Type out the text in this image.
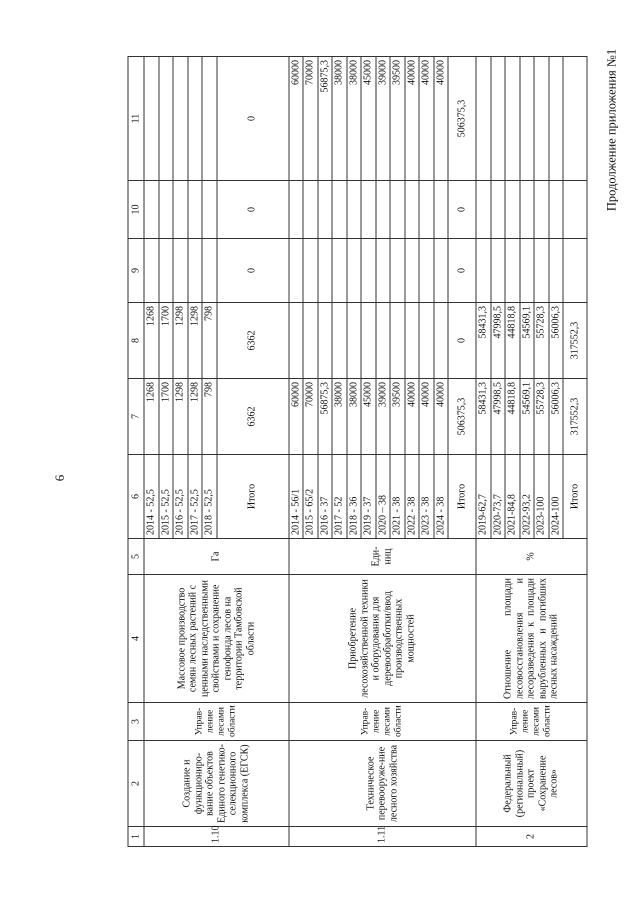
6
Продолжение приложения №1
1	2	3	4	5	6	7	8	9	10	11
1.10	Создание и функциониро-вание объектов Единого генетико-селекционного комплекса (ЕГСК)	Управ-ление лесами области	Массовое производство семян лесных растений с ценными наследственными свойствами и сохранение генофонда лесов на территории Тамбовской области	Га	2014 - 52,5	1268	1268			
					2015 - 52,5	1700	1700			
					2016 - 52,5	1298	1298			
					2017 - 52,5	1298	1298			
					2018 - 52,5	798	798			
					Итого	6362	6362	0	0	0
1.11	Техническое перевооруже-ние лесного хозяйства	Управ-ление лесами области	Приобретение лесохозяйственной техники и оборудования для деревообработки/ввод производственных мощностей	Еди-ниц	2014 - 56/1	60000				60000
					2015 - 65/2	70000				70000
					2016 - 37	56875,3				56875,3
					2017 - 52	38000				38000
					2018 - 36	38000				38000
					2019 - 37	45000				45000
					2020 – 38	39000				39000
					2021 - 38	39500				39500
					2022 - 38	40000				40000
					2023 - 38	40000				40000
					2024 - 38	40000				40000
					Итого	506375,3	0	0	0	506375,3
2	Федеральный (региональный) проект «Сохранение лесов»	Управ-ление лесами области	Отношение площади лесовосстановления и лесоразведения к площади вырубленных и погибших лесных насаждений	%	2019-62,7	58431,3	58431,3			
					2020-73,7	47998,5	47998,5			
					2021-84,8	44818,8	44818,8			
					2022-93,2	54569,1	54569,1			
					2023-100	55728,3	55728,3			
					2024-100	56006,3	56006,3			
					Итого	317552,3	317552,3			
